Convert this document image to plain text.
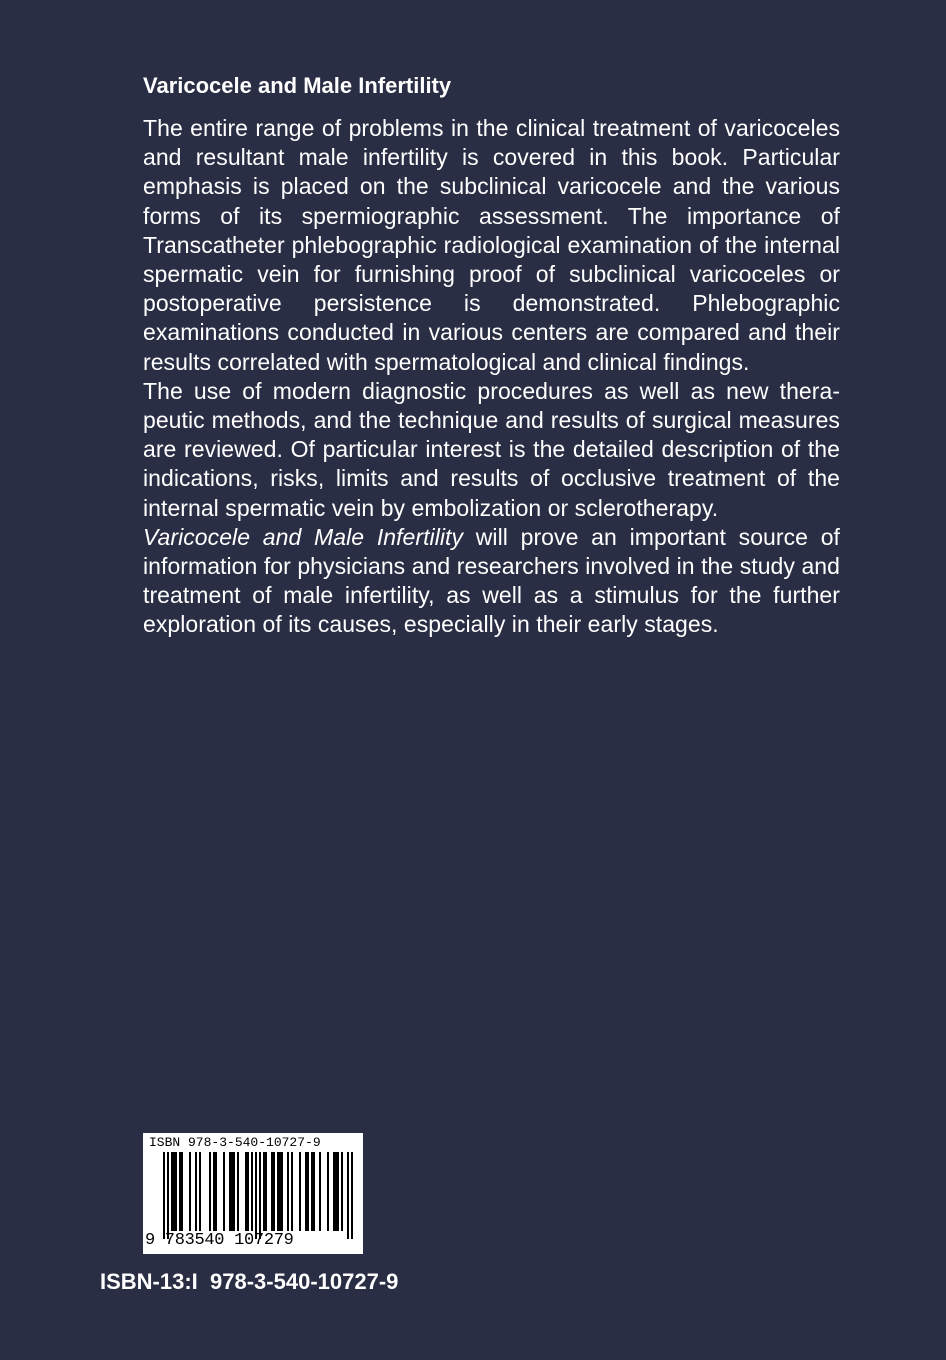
Varicocele and Male Infertility

The entire range of problems in the clinical treatment of varicoceles and resultant male infertility is covered in this book. Particular emphasis is placed on the subclinical varicocele and the various forms of its spermiographic assessment. The importance of Transcatheter phlebographic radiological examination of the internal spermatic vein for furnishing proof of subclinical varicoceles or postoperative persistence is demonstrated. Phlebographic examinations conducted in various centers are compared and their results correlated with spermatological and clinical findings.

The use of modern diagnostic procedures as well as new therapeutic methods, and the technique and results of surgical measures are reviewed. Of particular interest is the detailed description of the indications, risks, limits and results of occlusive treatment of the internal spermatic vein by embolization or sclerotherapy.

Varicocele and Male Infertility will prove an important source of information for physicians and researchers involved in the study and treatment of male infertility, as well as a stimulus for the further exploration of its causes, especially in their early stages.

ISBN 978-3-540-10727-9
9 783540 107279
ISBN-13:I  978-3-540-10727-9
